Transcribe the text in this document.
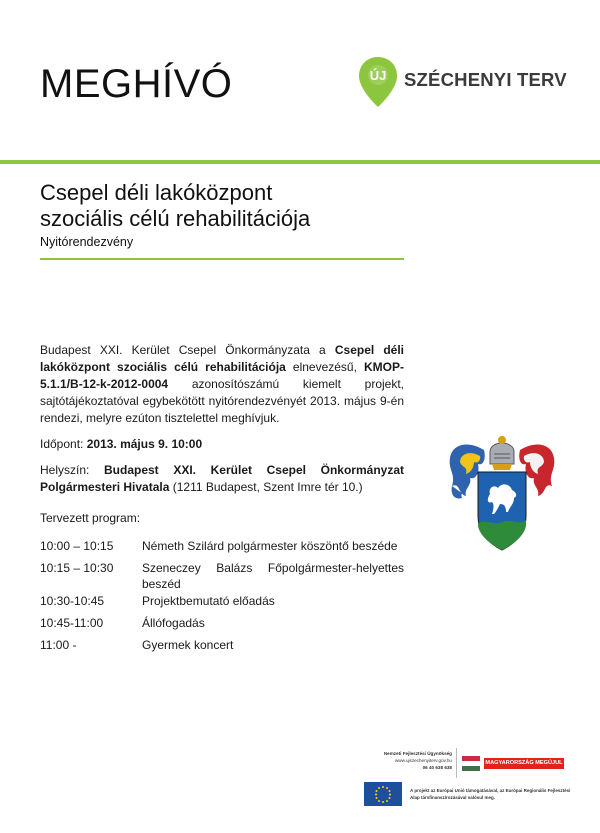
MEGHÍVÓ	ÚJ SZÉCHENYI TERV
Csepel déli lakóközpont
szociális célú rehabilitációja
Nyitórendezvény
Budapest XXI. Kerület Csepel Önkormányzata a Csepel déli lakóközpont szociális célú rehabilitációja elnevezésű, KMOP-5.1.1/B-12-k-2012-0004 azonosítószámú kiemelt projekt, sajtótájékoztatóval egybekötött nyitórendezvényét 2013. május 9-én rendezi, melyre ezúton tisztelettel meghívjuk.
Időpont: 2013. május 9. 10:00
Helyszín: Budapest XXI. Kerület Csepel Önkormányzat Polgármesteri Hivatala (1211 Budapest, Szent Imre tér 10.)
Tervezett program:
10:00 – 10:15	Németh Szilárd polgármester köszöntő beszéde
10:15 – 10:30	Szeneczey Balázs Főpolgármester-helyettes beszéd
10:30-10:45	Projektbemutató előadás
10:45-11:00	Állófogadás
11:00 -	Gyermek koncert
Nemzeti Fejlesztési Ügynökség
www.ujszechenyiterv.gov.hu
06 40 638 638
MAGYARORSZÁG MEGÚJUL
A projekt az Európai Unió támogatásával, az Európai Regionális Fejlesztési Alap társfinanszírozásával valósul meg.
